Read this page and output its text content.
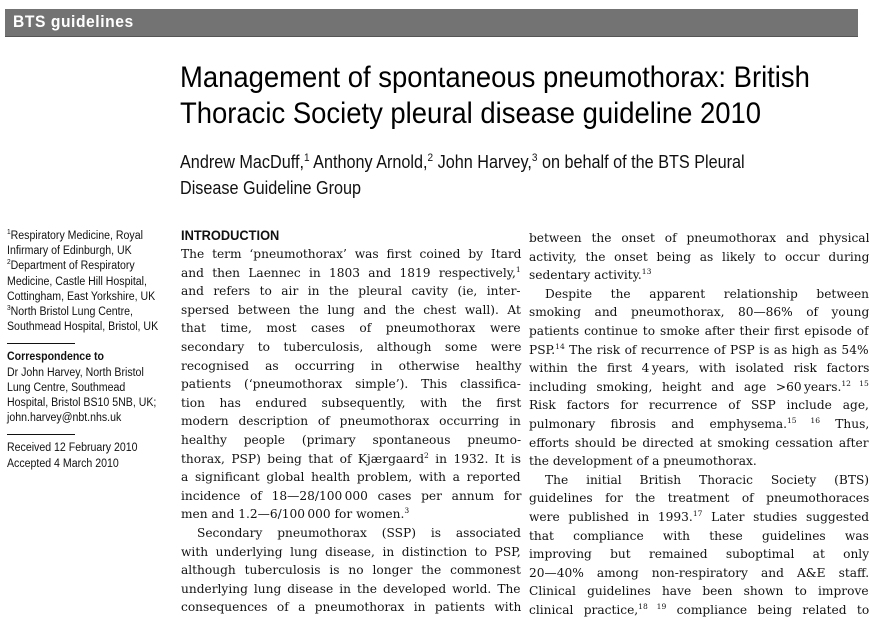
BTS guidelines
Management of spontaneous pneumothorax: British
Thoracic Society pleural disease guideline 2010
Andrew MacDuff,$^1$ Anthony Arnold,$^2$ John Harvey,$^3$ on behalf of the BTS Pleural
Disease Guideline Group
$^1$Respiratory Medicine, Royal
Infirmary of Edinburgh, UK
$^2$Department of Respiratory
Medicine, Castle Hill Hospital,
Cottingham, East Yorkshire, UK
$^3$North Bristol Lung Centre,
Southmead Hospital, Bristol, UK
Correspondence to
Dr John Harvey, North Bristol
Lung Centre, Southmead
Hospital, Bristol BS10 5NB, UK;
john.harvey@nbt.nhs.uk
Received 12 February 2010
Accepted 4 March 2010
INTRODUCTION
The term ‘pneumothorax’ was first coined by Itard
and then Laennec in 1803 and 1819 respectively,$^1$
and refers to air in the pleural cavity (ie, inter-
spersed between the lung and the chest wall). At
that time, most cases of pneumothorax were
secondary to tuberculosis, although some were
recognised as occurring in otherwise healthy
patients (‘pneumothorax simple’). This classifica-
tion has endured subsequently, with the first
modern description of pneumothorax occurring in
healthy people (primary spontaneous pneumo-
thorax, PSP) being that of Kjærgaard$^2$ in 1932. It is
a significant global health problem, with a reported
incidence of 18—28/100 000 cases per annum for
men and 1.2—6/100 000 for women.$^3$
Secondary pneumothorax (SSP) is associated
with underlying lung disease, in distinction to PSP,
although tuberculosis is no longer the commonest
underlying lung disease in the developed world. The
consequences of a pneumothorax in patients with
between the onset of pneumothorax and physical
activity, the onset being as likely to occur during
sedentary activity.$^{13}$
Despite the apparent relationship between
smoking and pneumothorax, 80—86% of young
patients continue to smoke after their first episode of
PSP.$^{14}$ The risk of recurrence of PSP is as high as 54%
within the first 4 years, with isolated risk factors
including smoking, height and age >60 years.$^{12 15}$
Risk factors for recurrence of SSP include age,
pulmonary fibrosis and emphysema.$^{15 16}$ Thus,
efforts should be directed at smoking cessation after
the development of a pneumothorax.
The initial British Thoracic Society (BTS)
guidelines for the treatment of pneumothoraces
were published in 1993.17 Later studies suggested
that compliance with these guidelines was
improving but remained suboptimal at only
20—40% among non-respiratory and A&E staff.
Clinical guidelines have been shown to improve
clinical practice,$^{18 19}$ compliance being related to
